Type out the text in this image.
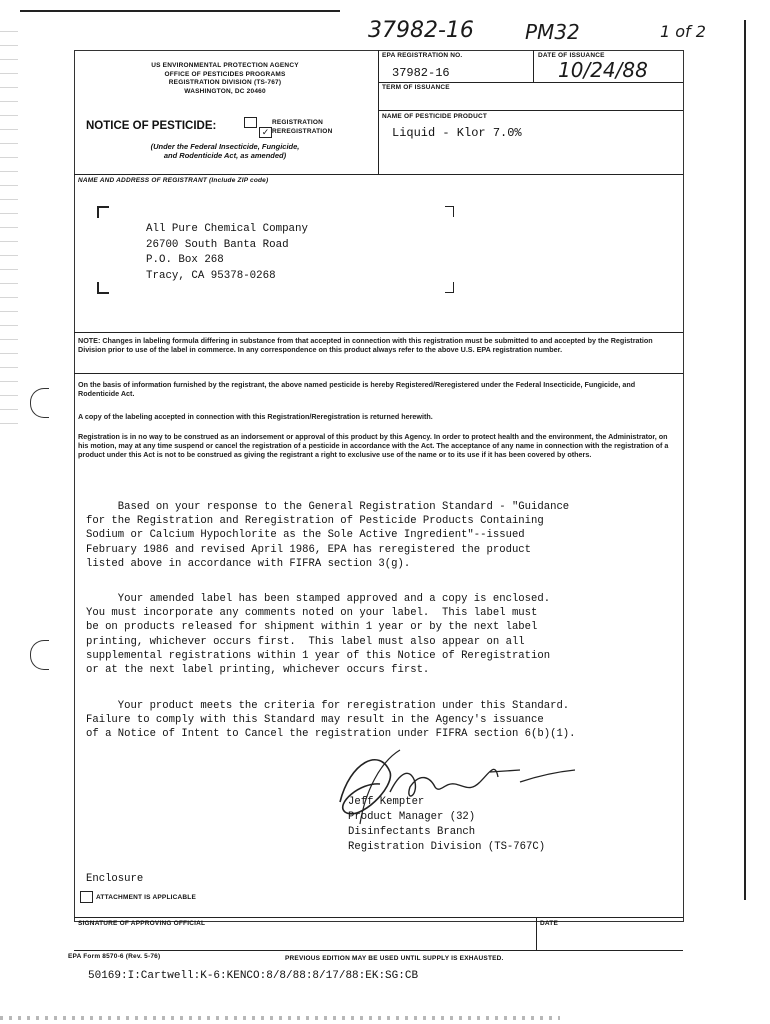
37982-16	PM32	1 of 2
US ENVIRONMENTAL PROTECTION AGENCY
OFFICE OF PESTICIDES PROGRAMS
REGISTRATION DIVISION (TS-767)
WASHINGTON, DC 20460
NOTICE OF PESTICIDE:	✓
REGISTRATION
REREGISTRATION
(Under the Federal Insecticide, Fungicide,
and Rodenticide Act, as amended)
EPA REGISTRATION NO.
37982-16
DATE OF ISSUANCE
10/24/88
TERM OF ISSUANCE
NAME OF PESTICIDE PRODUCT
Liquid - Klor 7.0%
NAME AND ADDRESS OF REGISTRANT (Include ZIP code)
All Pure Chemical Company
26700 South Banta Road
P.O. Box 268
Tracy, CA 95378-0268
NOTE: Changes in labeling formula differing in substance from that accepted in connection with this registration must be submitted to and accepted by the Registration Division prior to use of the label in commerce. In any correspondence on this product always refer to the above U.S. EPA registration number.
On the basis of information furnished by the registrant, the above named pesticide is hereby Registered/Reregistered under the Federal Insecticide, Fungicide, and Rodenticide Act.
A copy of the labeling accepted in connection with this Registration/Reregistration is returned herewith.
Registration is in no way to be construed as an indorsement or approval of this product by this Agency. In order to protect health and the environment, the Administrator, on his motion, may at any time suspend or cancel the registration of a pesticide in accordance with the Act. The acceptance of any name in connection with the registration of a product under this Act is not to be construed as giving the registrant a right to exclusive use of the name or to its use if it has been covered by others.
Based on your response to the General Registration Standard - "Guidance
for the Registration and Reregistration of Pesticide Products Containing
Sodium or Calcium Hypochlorite as the Sole Active Ingredient"--issued
February 1986 and revised April 1986, EPA has reregistered the product
listed above in accordance with FIFRA section 3(g).
Your amended label has been stamped approved and a copy is enclosed.
You must incorporate any comments noted on your label.  This label must
be on products released for shipment within 1 year or by the next label
printing, whichever occurs first.  This label must also appear on all
supplemental registrations within 1 year of this Notice of Reregistration
or at the next label printing, whichever occurs first.
Your product meets the criteria for reregistration under this Standard.
Failure to comply with this Standard may result in the Agency's issuance
of a Notice of Intent to Cancel the registration under FIFRA section 6(b)(1).
Jeff Kempter
Product Manager (32)
Disinfectants Branch
Registration Division (TS-767C)
Enclosure
ATTACHMENT IS APPLICABLE
SIGNATURE OF APPROVING OFFICIAL	DATE
EPA Form 8570-6 (Rev. 5-76)	PREVIOUS EDITION MAY BE USED UNTIL SUPPLY IS EXHAUSTED.
50169:I:Cartwell:K-6:KENCO:8/8/88:8/17/88:EK:SG:CB
